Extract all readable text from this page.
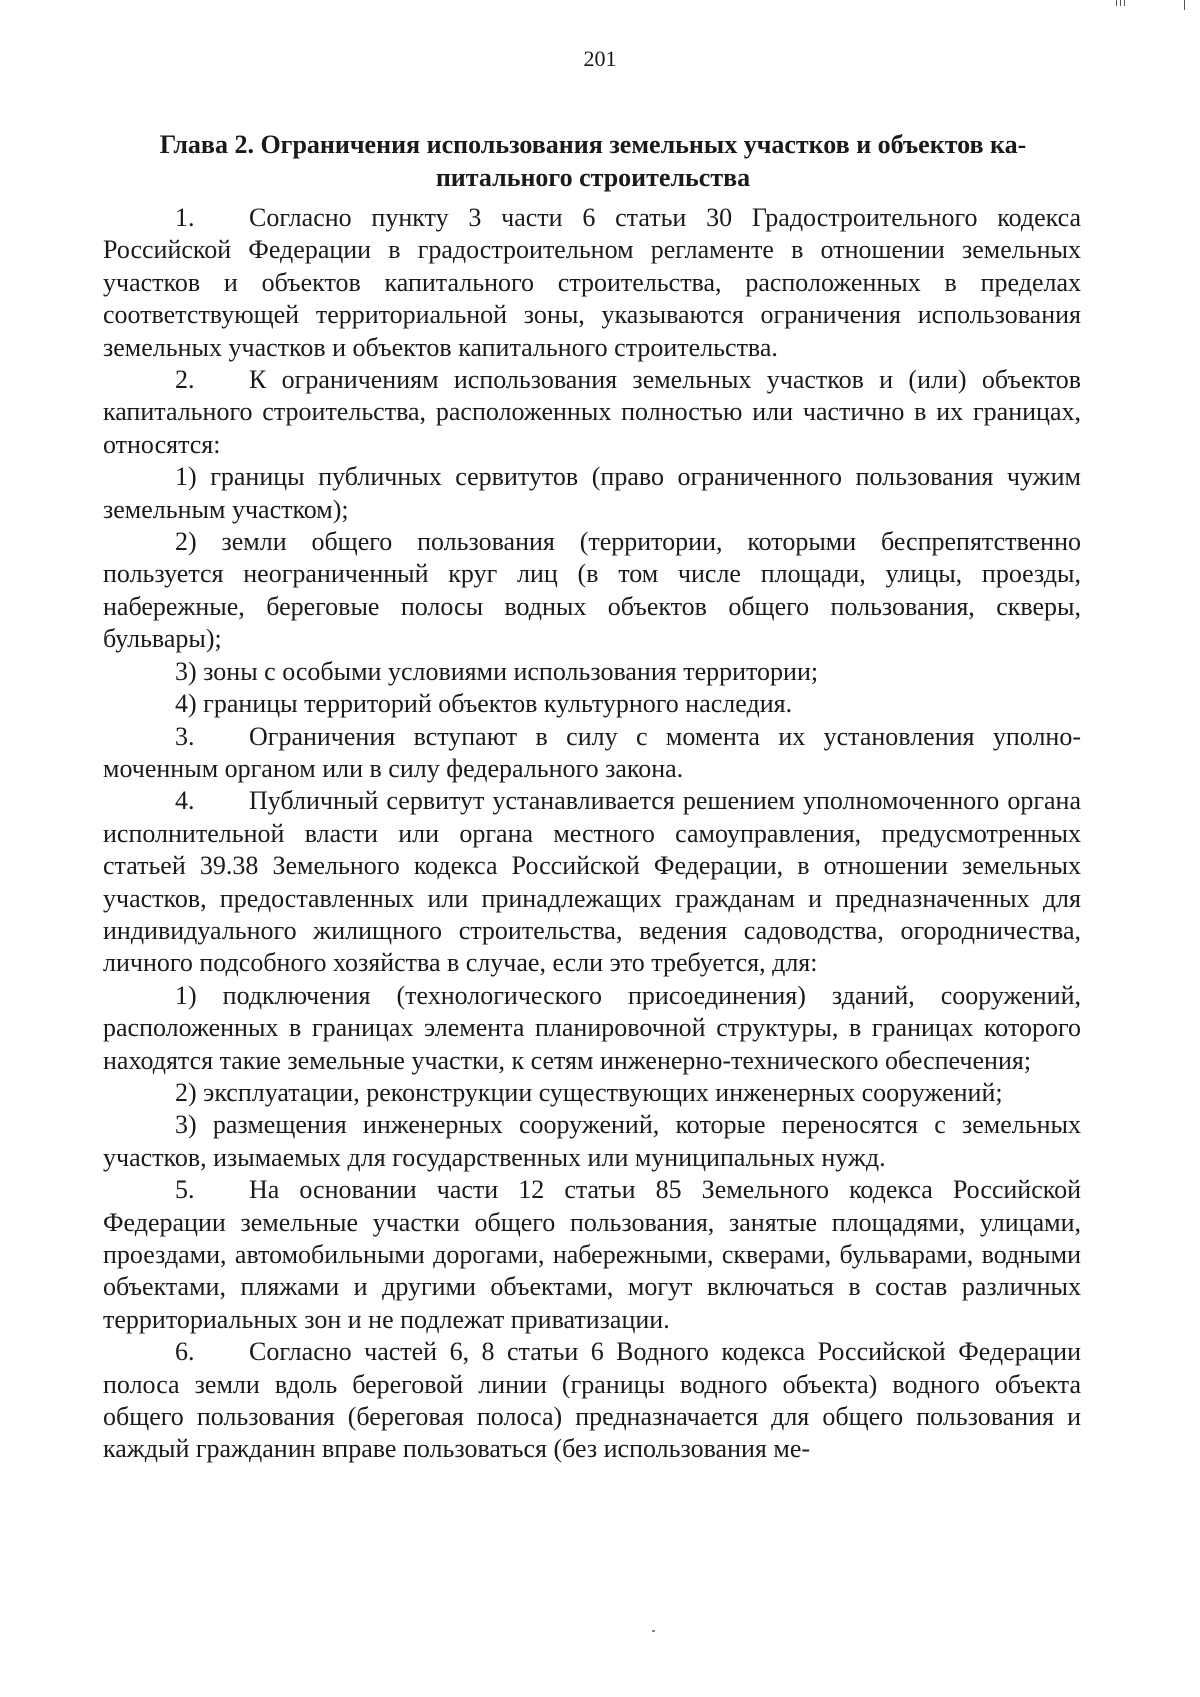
201
Глава 2. Ограничения использования земельных участков и объектов капитального строительства

1. Согласно пункту 3 части 6 статьи 30 Градостроительного кодекса Российской Федерации в градостроительном регламенте в отношении земельных участков и объектов капитального строительства, расположенных в пределах соответствующей территориальной зоны, указываются ограничения использования земельных участков и объектов капитального строительства.

2. К ограничениям использования земельных участков и (или) объектов капитального строительства, расположенных полностью или частично в их границах, относятся:

1) границы публичных сервитутов (право ограниченного пользования чужим земельным участком);

2) земли общего пользования (территории, которыми беспрепятственно пользуется неограниченный круг лиц (в том числе площади, улицы, проезды, набережные, береговые полосы водных объектов общего пользования, скверы, бульвары);

3) зоны с особыми условиями использования территории;

4) границы территорий объектов культурного наследия.

3. Ограничения вступают в силу с момента их установления уполномоченным органом или в силу федерального закона.

4. Публичный сервитут устанавливается решением уполномоченного органа исполнительной власти или органа местного самоуправления, предусмотренных статьей 39.38 Земельного кодекса Российской Федерации, в отношении земельных участков, предоставленных или принадлежащих гражданам и предназначенных для индивидуального жилищного строительства, ведения садоводства, огородничества, личного подсобного хозяйства в случае, если это требуется, для:

1) подключения (технологического присоединения) зданий, сооружений, расположенных в границах элемента планировочной структуры, в границах которого находятся такие земельные участки, к сетям инженерно-технического обеспечения;

2) эксплуатации, реконструкции существующих инженерных сооружений;

3) размещения инженерных сооружений, которые переносятся с земельных участков, изымаемых для государственных или муниципальных нужд.

5. На основании части 12 статьи 85 Земельного кодекса Российской Федерации земельные участки общего пользования, занятые площадями, улицами, проездами, автомобильными дорогами, набережными, скверами, бульварами, водными объектами, пляжами и другими объектами, могут включаться в состав различных территориальных зон и не подлежат приватизации.

6. Согласно частей 6, 8 статьи 6 Водного кодекса Российской Федерации полоса земли вдоль береговой линии (границы водного объекта) водного объекта общего пользования (береговая полоса) предназначается для общего пользования и каждый гражданин вправе пользоваться (без использования ме-
